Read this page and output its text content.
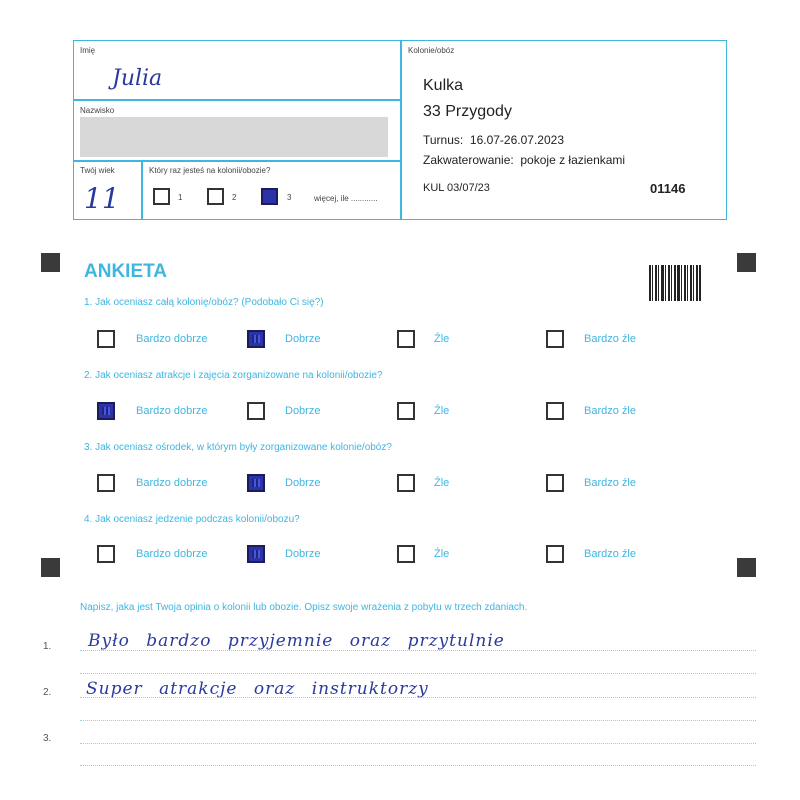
Imię
Julia
Nazwisko
Twój wiek
11
Który raz jesteś na kolonii/obozie?
1	2	3	więcej, ile ............
Kolonie/obóz
Kulka
33 Przygody
Turnus:  16.07-26.07.2023
Zakwaterowanie:  pokoje z łazienkami
KUL 03/07/23	01146
ANKIETA
1. Jak oceniasz całą kolonię/obóz? (Podobało Ci się?)
Bardzo dobrze	Dobrze	Źle	Bardzo źle
2. Jak oceniasz atrakcje i zajęcia zorganizowane na kolonii/obozie?
Bardzo dobrze	Dobrze	Źle	Bardzo źle
3. Jak oceniasz ośrodek, w którym były zorganizowane kolonie/obóz?
Bardzo dobrze	Dobrze	Źle	Bardzo źle
4. Jak oceniasz jedzenie podczas kolonii/obozu?
Bardzo dobrze	Dobrze	Źle	Bardzo źle
Napisz, jaka jest Twoja opinia o kolonii lub obozie. Opisz swoje wrażenia z pobytu w trzech zdaniach.
1. Było bardzo przyjemnie oraz przytulnie
2. Super atrakcje oraz instruktorzy
3.
